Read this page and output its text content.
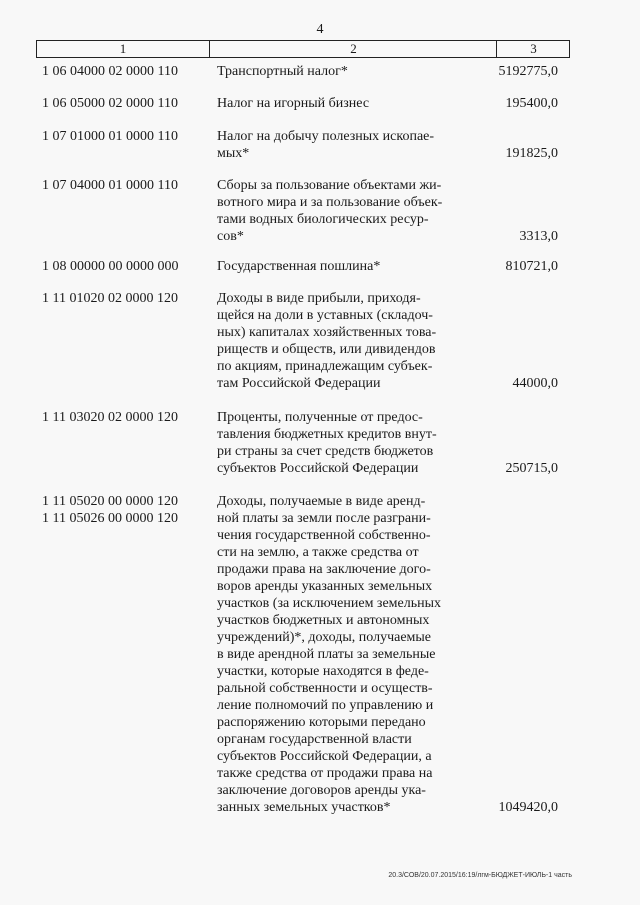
4
1	2	3
1 06 04000 02 0000 110	Транспортный налог*	5192775,0
1 06 05000 02 0000 110	Налог на игорный бизнес	195400,0
1 07 01000 01 0000 110	Налог на добычу полезных ископае-
мых*	191825,0
1 07 04000 01 0000 110	Сборы за пользование объектами жи-
вотного мира и за пользование объек-
тами водных биологических ресур-
сов*	3313,0
1 08 00000 00 0000 000	Государственная пошлина*	810721,0
1 11 01020 02 0000 120	Доходы в виде прибыли, приходя-
щейся на доли в уставных (складоч-
ных) капиталах хозяйственных това-
риществ и обществ, или дивидендов
по акциям, принадлежащим субъек-
там Российской Федерации	44000,0
1 11 03020 02 0000 120	Проценты, полученные от предос-
тавления бюджетных кредитов внут-
ри страны за счет средств бюджетов
субъектов Российской Федерации	250715,0
1 11 05020 00 0000 120
1 11 05026 00 0000 120
Доходы, получаемые в виде аренд-
ной платы за земли после разграни-
чения государственной собственно-
сти на землю, а также средства от
продажи права на заключение дого-
воров аренды указанных земельных
участков (за исключением земельных
участков бюджетных и автономных
учреждений)*, доходы, получаемые
в виде арендной платы за земельные
участки, которые находятся в феде-
ральной собственности и осуществ-
ление полномочий по управлению и
распоряжению которыми передано
органам государственной власти
субъектов Российской Федерации, а
также средства от продажи права на
заключение договоров аренды ука-
занных земельных участков*	1049420,0
20.3/СОВ/20.07.2015/16:19/лгм-БЮДЖЕТ-ИЮЛЬ-1 часть
